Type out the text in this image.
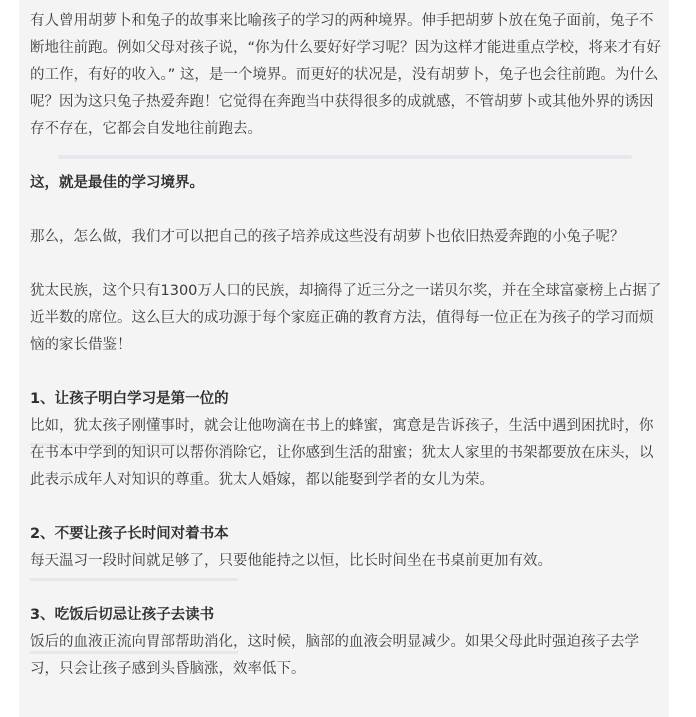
有人曾用胡萝卜和兔子的故事来比喻孩子的学习的两种境界。伸手把胡萝卜放在兔子面前，兔子不断地往前跑。例如父母对孩子说，“你为什么要好好学习呢？因为这样才能进重点学校，将来才有好的工作，有好的收入。” 这，是一个境界。而更好的状况是，没有胡萝卜，兔子也会往前跑。为什么呢？因为这只兔子热爱奔跑！它觉得在奔跑当中获得很多的成就感，不管胡萝卜或其他外界的诱因存不存在，它都会自发地往前跑去。

这，就是最佳的学习境界。

那么，怎么做，我们才可以把自己的孩子培养成这些没有胡萝卜也依旧热爱奔跑的小兔子呢？

犹太民族，这个只有1300万人口的民族，却摘得了近三分之一诺贝尔奖，并在全球富豪榜上占据了近半数的席位。这么巨大的成功源于每个家庭正确的教育方法，值得每一位正在为孩子的学习而烦恼的家长借鉴！

1、让孩子明白学习是第一位的

比如，犹太孩子刚懂事时，就会让他吻滴在书上的蜂蜜，寓意是告诉孩子，生活中遇到困扰时，你在书本中学到的知识可以帮你消除它，让你感到生活的甜蜜；犹太人家里的书架都要放在床头，以此表示成年人对知识的尊重。犹太人婚嫁，都以能娶到学者的女儿为荣。

2、不要让孩子长时间对着书本

每天温习一段时间就足够了，只要他能持之以恒，比长时间坐在书桌前更加有效。

3、吃饭后切忌让孩子去读书

饭后的血液正流向胃部帮助消化，这时候，脑部的血液会明显减少。如果父母此时强迫孩子去学习，只会让孩子感到头昏脑涨，效率低下。
